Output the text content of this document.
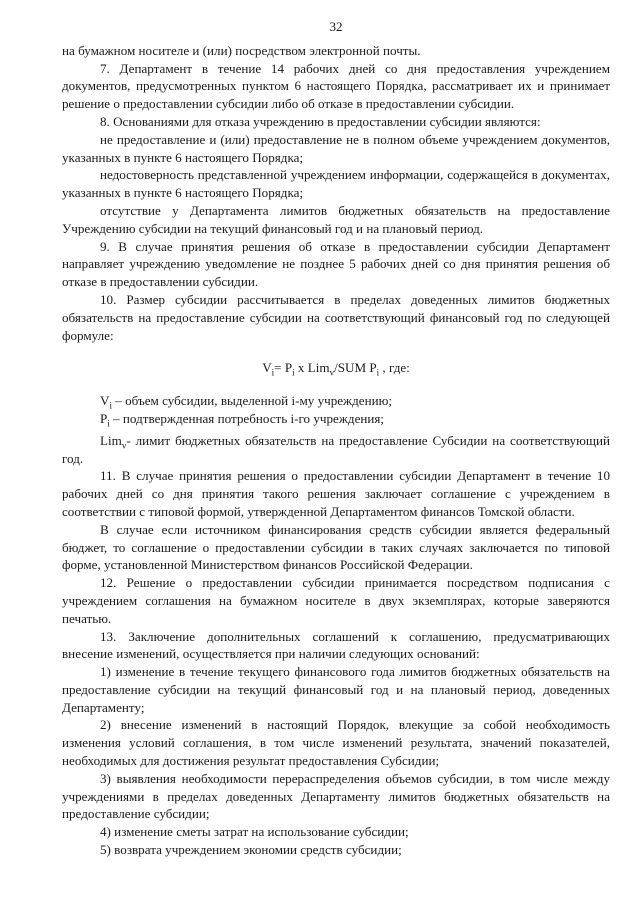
32

на бумажном носителе и (или) посредством электронной почты.

7. Департамент в течение 14 рабочих дней со дня предоставления учреждением документов, предусмотренных пунктом 6 настоящего Порядка, рассматривает их и принимает решение о предоставлении субсидии либо об отказе в предоставлении субсидии.

8. Основаниями для отказа учреждению в предоставлении субсидии являются:

не предоставление и (или) предоставление не в полном объеме учреждением документов, указанных в пункте 6 настоящего Порядка;

недостоверность представленной учреждением информации, содержащейся в документах, указанных в пункте 6 настоящего Порядка;

отсутствие у Департамента лимитов бюджетных обязательств на предоставление Учреждению субсидии на текущий финансовый год и на плановый период.

9. В случае принятия решения об отказе в предоставлении субсидии Департамент направляет учреждению уведомление не позднее 5 рабочих дней со дня принятия решения об отказе в предоставлении субсидии.

10. Размер субсидии рассчитывается в пределах доведенных лимитов бюджетных обязательств на предоставление субсидии на соответствующий финансовый год по следующей формуле:

$V_i= P_i$ x Lim$_v$/SUM $P_i$ , где:

$V_i$ – объем субсидии, выделенной i-му учреждению;

$P_i$ – подтвержденная потребность i-го учреждения;

Lim$_v$- лимит бюджетных обязательств на предоставление Субсидии на соответствующий год.

11. В случае принятия решения о предоставлении субсидии Департамент в течение 10 рабочих дней со дня принятия такого решения заключает соглашение с учреждением в соответствии с типовой формой, утвержденной Департаментом финансов Томской области.

В случае если источником финансирования средств субсидии является федеральный бюджет, то соглашение о предоставлении субсидии в таких случаях заключается по типовой форме, установленной Министерством финансов Российской Федерации.

12. Решение о предоставлении субсидии принимается посредством подписания с учреждением соглашения на бумажном носителе в двух экземплярах, которые заверяются печатью.

13. Заключение дополнительных соглашений к соглашению, предусматривающих внесение изменений, осуществляется при наличии следующих оснований:

1) изменение в течение текущего финансового года лимитов бюджетных обязательств на предоставление субсидии на текущий финансовый год и на плановый период, доведенных Департаменту;

2) внесение изменений в настоящий Порядок, влекущие за собой необходимость изменения условий соглашения, в том числе изменений результата, значений показателей, необходимых для достижения результат предоставления Субсидии;

3) выявления необходимости перераспределения объемов субсидии, в том числе между учреждениями в пределах доведенных Департаменту лимитов бюджетных обязательств на предоставление субсидии;

4) изменение сметы затрат на использование субсидии;

5) возврата учреждением экономии средств субсидии;
